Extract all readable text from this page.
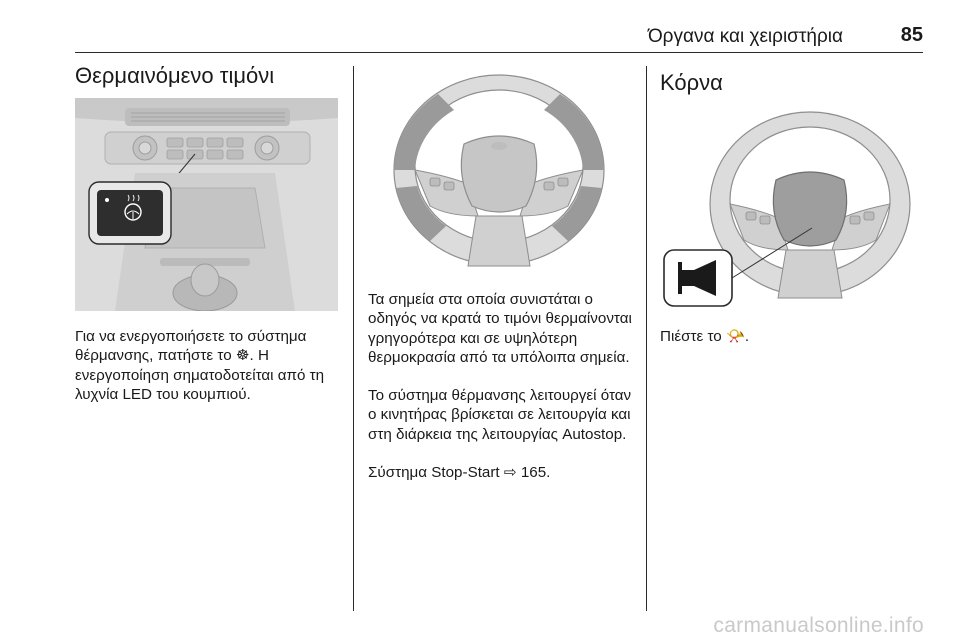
Όργανα και χειριστήρια	85
Θερμαινόμενο τιμόνι

Για να ενεργοποιήσετε το σύστημα θέρμανσης, πατήστε το ☸. Η ενεργοποίηση σηματοδοτείται από τη λυχνία LED του κουμπιού.

Τα σημεία στα οποία συνιστάται ο οδηγός να κρατά το τιμόνι θερμαίνονται γρηγορότερα και σε υψηλότερη θερμοκρασία από τα υπόλοιπα σημεία.

Το σύστημα θέρμανσης λειτουργεί όταν ο κινητήρας βρίσκεται σε λειτουργία και στη διάρκεια της λειτουργίας Autostop.

Σύστημα Stop-Start ⇨ 165.

Κόρνα

Πιέστε το 📯.

carmanualsonline.info
